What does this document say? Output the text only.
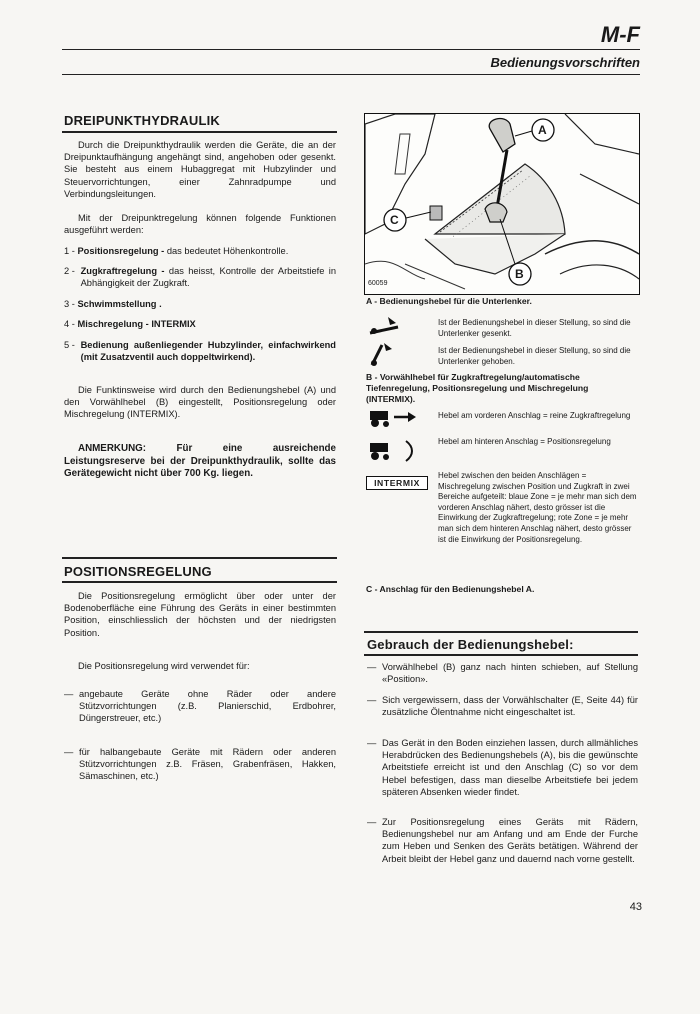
M-F
Bedienungsvorschriften
DREIPUNKTHYDRAULIK
Durch die Dreipunkthydraulik werden die Geräte, die an der Dreipunktaufhängung angehängt sind, angehoben oder gesenkt. Sie besteht aus einem Hubaggregat mit Hubzylinder und Steuervorrichtungen, einer Zahnradpumpe und Verbindungsleitungen.
Mit der Dreipunktregelung können folgende Funktionen ausgeführt werden:
1 - Positionsregelung - das bedeutet Höhenkontrolle.
2 -
Zugkraftregelung - das heisst, Kontrolle der Arbeitstiefe in Abhängigkeit der Zugkraft.
3 - Schwimmstellung .
4 - Mischregelung - INTERMIX
5 -
Bedienung außenliegender Hubzylinder, einfachwirkend (mit Zusatzventil auch doppeltwirkend).
Die Funktinsweise wird durch den Bedienungshebel (A) und den Vorwählhebel (B) eingestellt, Positionsregelung oder Mischregelung (INTERMIX).
ANMERKUNG: Für eine ausreichende Leistungsreserve bei der Dreipunkthydraulik, sollte das Gerätegewicht nicht über 700 Kg. liegen.
POSITIONSREGELUNG
Die Positionsregelung ermöglicht über oder unter der Bodenoberfläche eine Führung des Geräts in einer bestimmten Position, einschliesslich der höchsten und der niedrigsten Position.
Die Positionsregelung wird verwendet für:
— angebaute Geräte ohne Räder oder andere Stützvorrichtungen (z.B. Planierschid, Erdbohrer, Düngerstreuer, etc.)
— für halbangebaute Geräte mit Rädern oder anderen Stützvorrichtungen z.B. Fräsen, Grabenfräsen, Hakken, Sämaschinen, etc.)
A
C
B
60059
A - Bedienungshebel für die Unterlenker.
Ist der Bedienungshebel in dieser Stellung, so sind die Unterlenker gesenkt.
Ist der Bedienungshebel in dieser Stellung, so sind die Unterlenker gehoben.
B - Vorwählhebel für Zugkraftregelung/automatische Tiefenregelung, Positionsregelung und Mischregelung (INTERMIX).
Hebel am vorderen Anschlag = reine Zugkraftregelung
Hebel am hinteren Anschlag = Positionsregelung
INTERMIX
Hebel zwischen den beiden Anschlägen = Mischregelung zwischen Position und Zugkraft in zwei Bereiche aufgeteilt: blaue Zone = je mehr man sich dem vorderen Anschlag nähert, desto grösser ist die Einwirkung der Zugkraftregelung; rote Zone = je mehr man sich dem hinteren Anschlag nähert, desto grösser ist die Einwirkung der Positionsregelung.
C - Anschlag für den Bedienungshebel A.
Gebrauch der Bedienungshebel:
— Vorwählhebel (B) ganz nach hinten schieben, auf Stellung «Position».
— Sich vergewissern, dass der Vorwählschalter (E, Seite 44) für zusätzliche Ölentnahme nicht eingeschaltet ist.
— Das Gerät in den Boden einziehen lassen, durch allmähliches Herabdrücken des Bedienungshebels (A), bis die gewünschte Arbeitstiefe erreicht ist und den Anschlag (C) so vor dem Hebel befestigen, dass man dieselbe Arbeitstiefe bei jedem späteren Absenken wieder findet.
— Zur Positionsregelung eines Geräts mit Rädern, Bedienungshebel nur am Anfang und am Ende der Furche zum Heben und Senken des Geräts betätigen. Während der Arbeit bleibt der Hebel ganz und dauernd nach vorne gestellt.
43
